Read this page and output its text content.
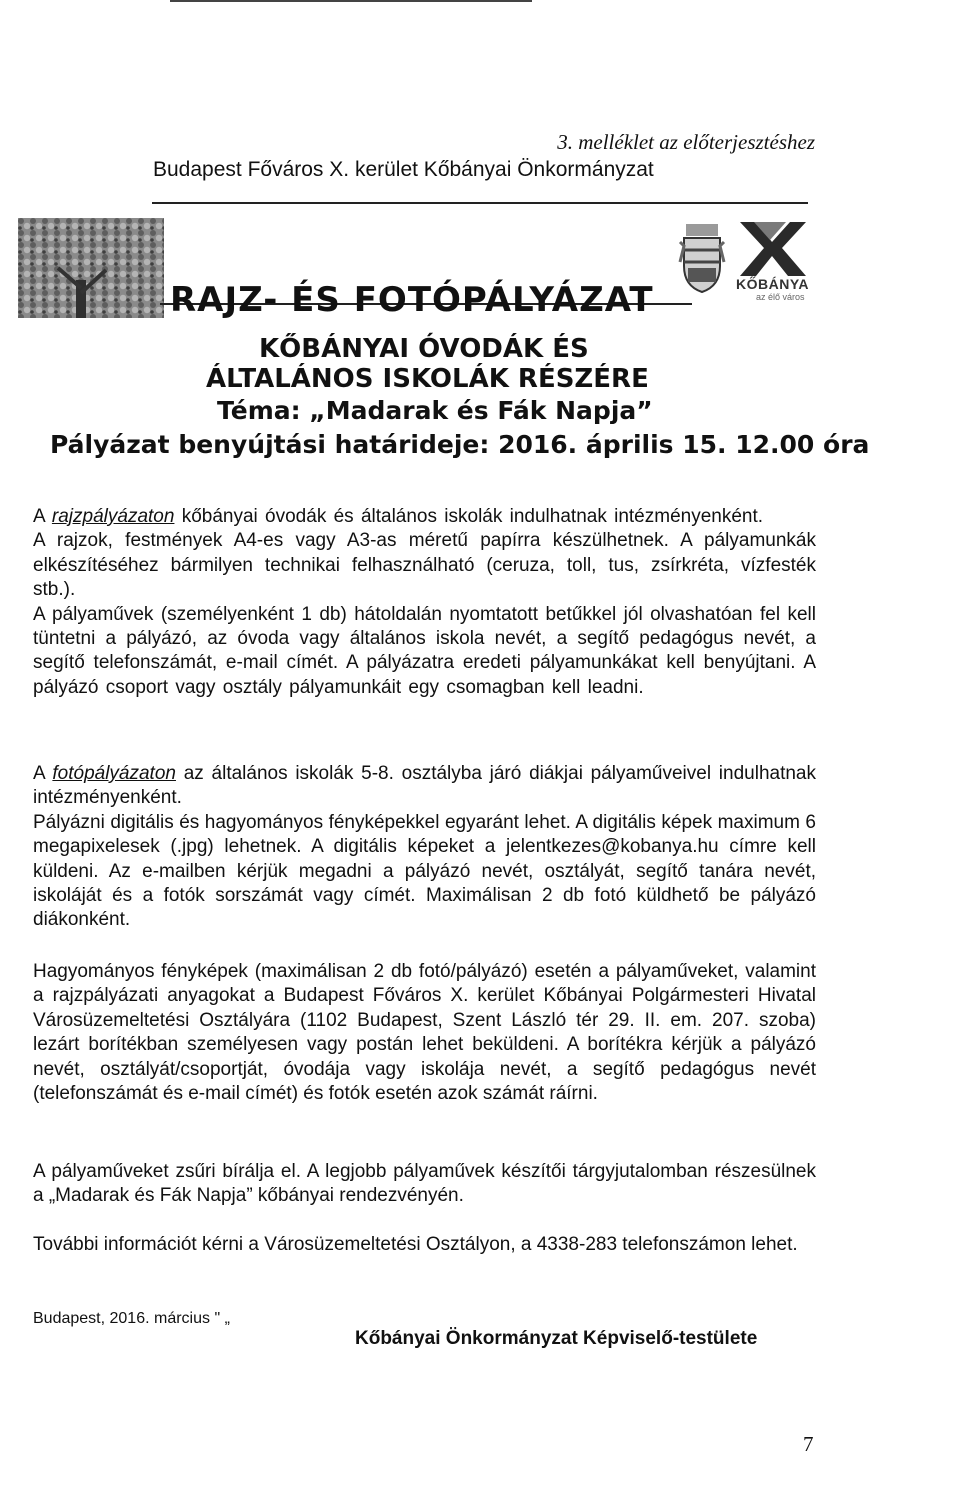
3. melléklet az előterjesztéshez
Budapest Főváros X. kerület Kőbányai Önkormányzat
KŐBÁNYA
az élő város
RAJZ- ÉS FOTÓPÁLYÁZAT
KŐBÁNYAI ÓVODÁK ÉS
ÁLTALÁNOS ISKOLÁK RÉSZÉRE
Téma: „Madarak és Fák Napja”
Pályázat benyújtási határideje: 2016. április 15. 12.00 óra

A rajzpályázaton kőbányai óvodák és általános iskolák indulhatnak intézményenként.

A rajzok, festmények A4-es vagy A3-as méretű papírra készülhetnek. A pályamunkák elkészítéséhez bármilyen technikai felhasználható (ceruza, toll, tus, zsírkréta, vízfesték stb.).

A pályaművek (személyenként 1 db) hátoldalán nyomtatott betűkkel jól olvashatóan fel kell tüntetni a pályázó, az óvoda vagy általános iskola nevét, a segítő pedagógus nevét, a segítő telefonszámát, e-mail címét. A pályázatra eredeti pályamunkákat kell benyújtani. A pályázó csoport vagy osztály pályamunkáit egy csomagban kell leadni.

A fotópályázaton az általános iskolák 5-8. osztályba járó diákjai pályaműveivel indulhatnak intézményenként.

Pályázni digitális és hagyományos fényképekkel egyaránt lehet. A digitális képek maximum 6 megapixelesek (.jpg) lehetnek. A digitális képeket a jelentkezes@kobanya.hu címre kell küldeni. Az e-mailben kérjük megadni a pályázó nevét, osztályát, segítő tanára nevét, iskoláját és a fotók sorszámát vagy címét. Maximálisan 2 db fotó küldhető be pályázó diákonként.

Hagyományos fényképek (maximálisan 2 db fotó/pályázó) esetén a pályaműveket, valamint a rajzpályázati anyagokat a Budapest Főváros X. kerület Kőbányai Polgármesteri Hivatal Városüzemeltetési Osztályára (1102 Budapest, Szent László tér 29. II. em. 207. szoba) lezárt borítékban személyesen vagy postán lehet beküldeni. A borítékra kérjük a pályázó nevét, osztályát/csoportját, óvodája vagy iskolája nevét, a segítő pedagógus nevét (telefonszámát és e-mail címét) és fotók esetén azok számát ráírni.
A pályaműveket zsűri bírálja el. A legjobb pályaművek készítői tárgyjutalomban részesülnek a „Madarak és Fák Napja” kőbányai rendezvényén.
További információt kérni a Városüzemeltetési Osztályon, a 4338-283 telefonszámon lehet.
Budapest, 2016. március " „
Kőbányai Önkormányzat Képviselő-testülete
7
